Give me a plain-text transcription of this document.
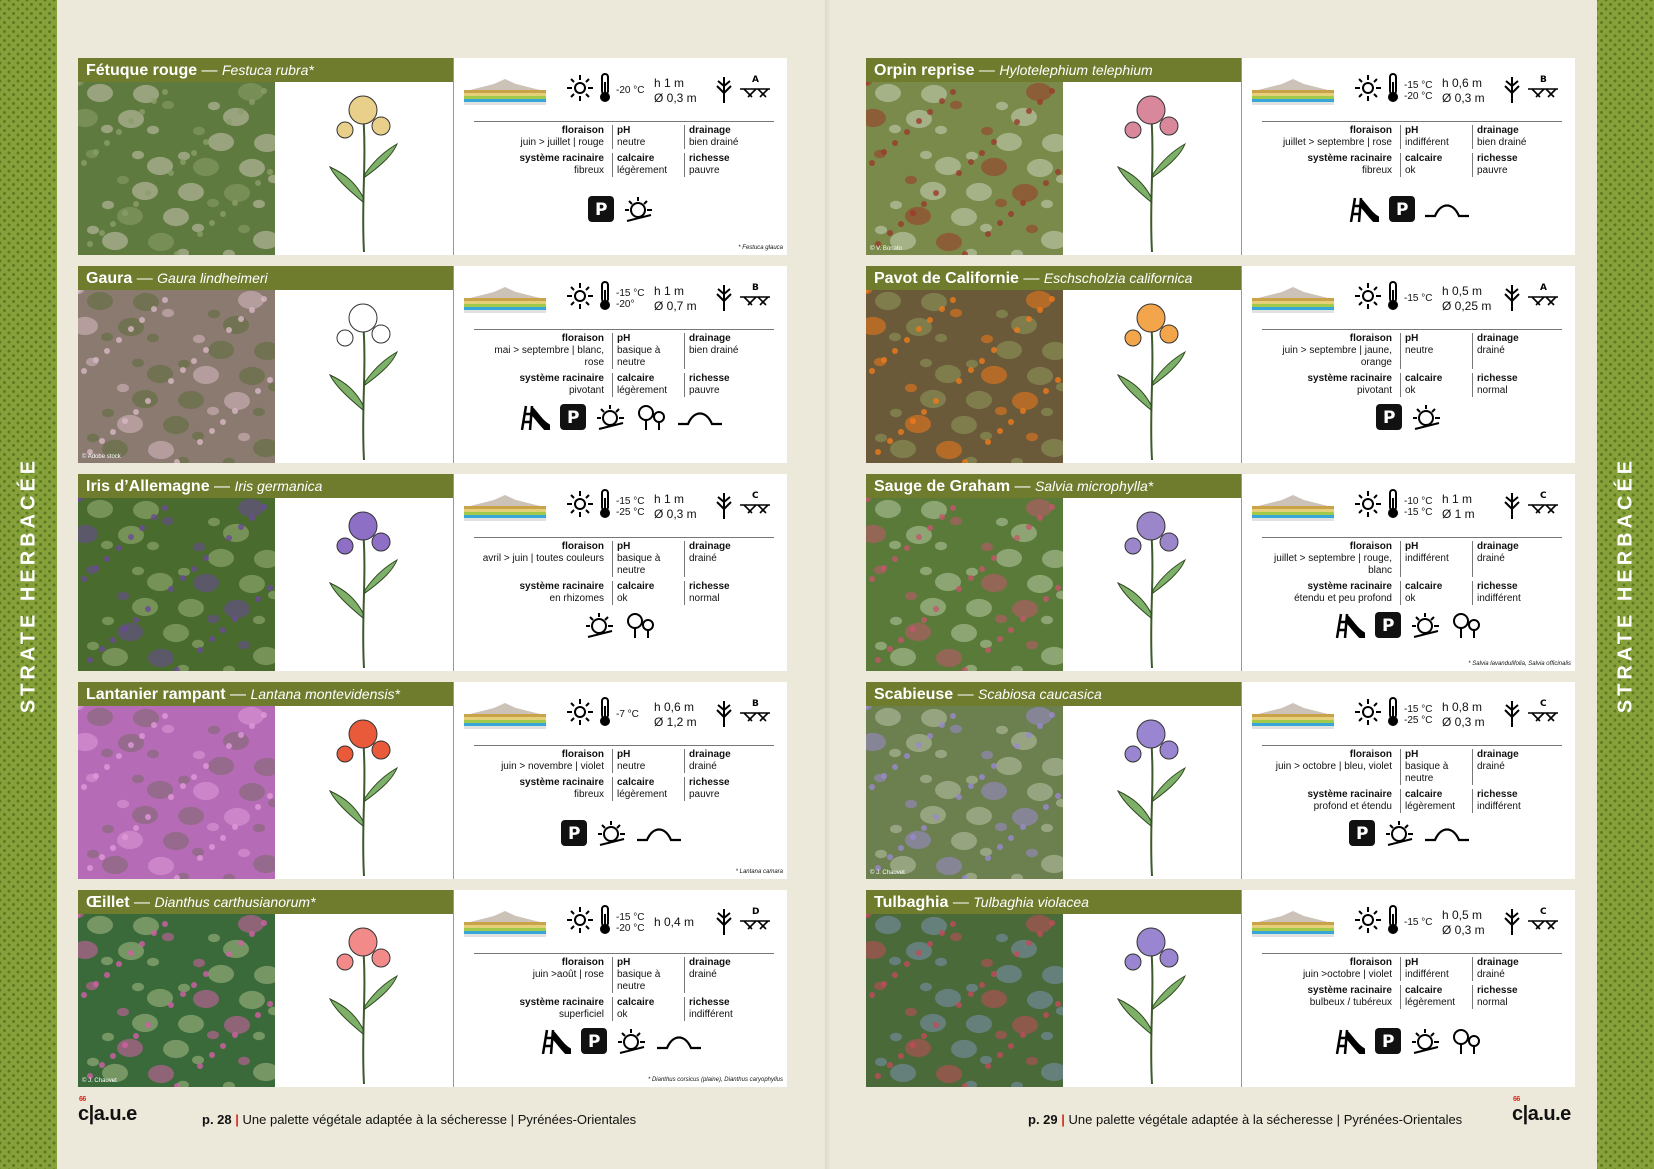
STRATE HERBACÉE	STRATE HERBACÉE
Fétuque rouge — Festuca rubra*
-20 °C
h 1 m
Ø 0,3 m
A
floraison
juin > juillet | rouge
pH
neutre
drainage
bien drainé
système racinaire
fibreux
calcaire
légèrement
richesse
pauvre
P
* Festuca glauca
Gaura — Gaura lindheimeri
© Adobe stock
-15 °C
-20°
h 1 m
Ø 0,7 m
B
floraison
mai > septembre | blanc, rose
pH
basique à neutre
drainage
bien drainé
système racinaire
pivotant
calcaire
légèrement
richesse
pauvre
P
Iris d’Allemagne — Iris germanica
-15 °C
-25 °C
h 1 m
Ø 0,3 m
C
floraison
avril > juin | toutes couleurs
pH
basique à neutre
drainage
drainé
système racinaire
en rhizomes
calcaire
ok
richesse
normal
Lantanier rampant — Lantana montevidensis*
-7 °C
h 0,6 m
Ø 1,2 m
B
floraison
juin > novembre | violet
pH
neutre
drainage
drainé
système racinaire
fibreux
calcaire
légèrement
richesse
pauvre
P
* Lantana camara
Œillet — Dianthus carthusianorum*
© J. Chauvet
-15 °C
-20 °C h 0,4 m
D
floraison
juin >août | rose
pH
basique à neutre
drainage
drainé
système racinaire
superficiel
calcaire
ok
richesse
indifférent
P
* Dianthus corsicus (plaine), Dianthus caryophyllus
Orpin reprise — Hylotelephium telephium
© V. Bonato
-15 °C
-20 °C
h 0,6 m
Ø 0,3 m
B
floraison
juillet > septembre | rose
pH
indifférent
drainage
bien drainé
système racinaire
fibreux
calcaire
ok
richesse
pauvre
P
Pavot de Californie — Eschscholzia californica
-15 °C
h 0,5 m
Ø 0,25 m
A
floraison
juin > septembre | jaune, orange
pH
neutre
drainage
drainé
système racinaire
pivotant
calcaire
ok
richesse
normal
P
Sauge de Graham — Salvia microphylla*
-10 °C
-15 °C
h 1 m
Ø 1 m
C
floraison
juillet > septembre | rouge, blanc
pH
indifférent
drainage
drainé
système racinaire
étendu et peu profond
calcaire
ok
richesse
indifférent
P
* Salvia lavandulifolia, Salvia officinalis
Scabieuse — Scabiosa caucasica
© J. Chauvet
-15 °C
-25 °C
h 0,8 m
Ø 0,3 m
C
floraison
juin > octobre | bleu, violet
pH
basique à neutre
drainage
drainé
système racinaire
profond et étendu
calcaire
légèrement
richesse
indifférent
P
Tulbaghia — Tulbaghia violacea
-15 °C
h 0,5 m
Ø 0,3 m
C
floraison
juin >octobre | violet
pH
indifférent
drainage
drainé
système racinaire
bulbeux / tubéreux
calcaire
légèrement
richesse
normal
P
66
c|a.u.e	p. 28 | Une palette végétale adaptée à la sécheresse | Pyrénées-Orientales	p. 29 | Une palette végétale adaptée à la sécheresse | Pyrénées-Orientales
66
c|a.u.e
